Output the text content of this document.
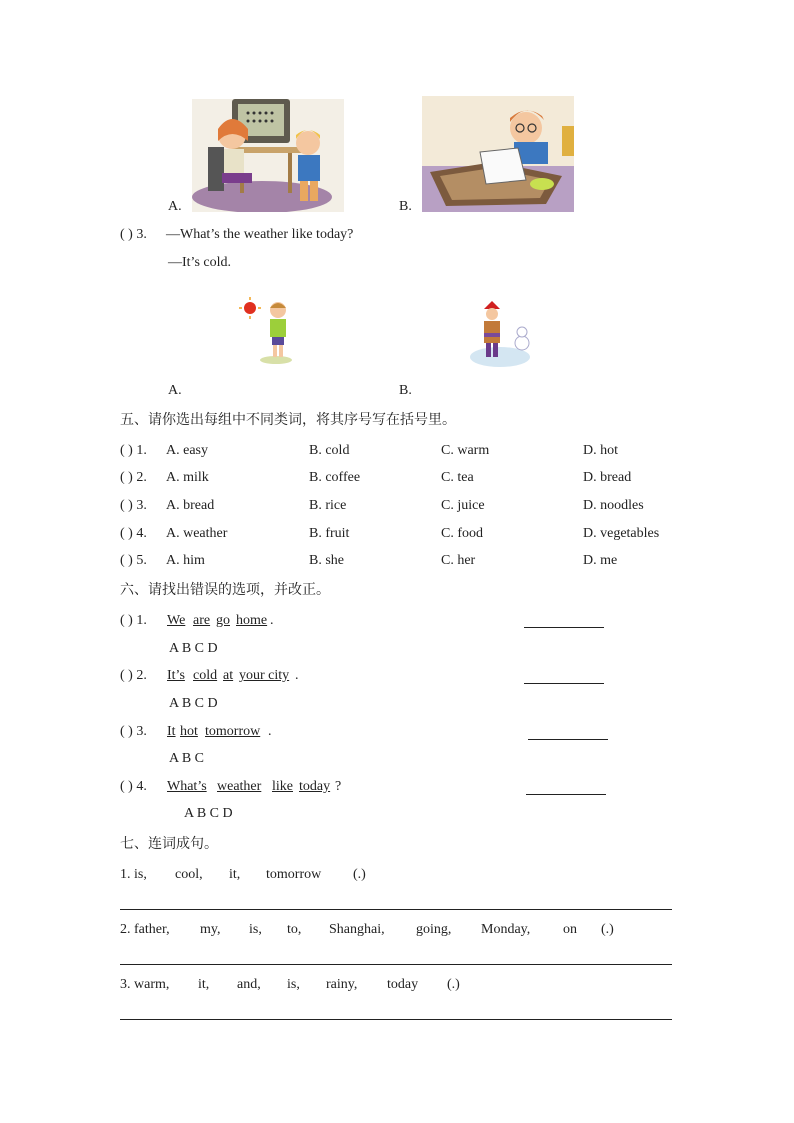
A.	B.
( ) 3. —What’s the weather like today?
—It’s cold.
A.	B.
五、请你选出每组中不同类词，将其序号写在括号里。
( ) 1. A. easy	B. cold	C. warm	D. hot
( ) 2. A. milk	B. coffee	C. tea	D. bread
( ) 3. A. bread	B. rice	C. juice	D. noodles
( ) 4. A. weather	B. fruit	C. food	D. vegetables
( ) 5. A. him	B. she	C. her	D. me
六、请找出错误的选项，并改正。
( ) 1. We are go home .
A B C D
( ) 2. It’s cold at your city .
A B C D
( ) 3. It hot tomorrow .
A B C
( ) 4. What’s weather like today ?
A B C D
七、连词成句。
1. is, cool, it, tomorrow (.)
2. father, my, is, to, Shanghai, going, Monday, on (.)
3. warm, it, and, is, rainy, today (.)
